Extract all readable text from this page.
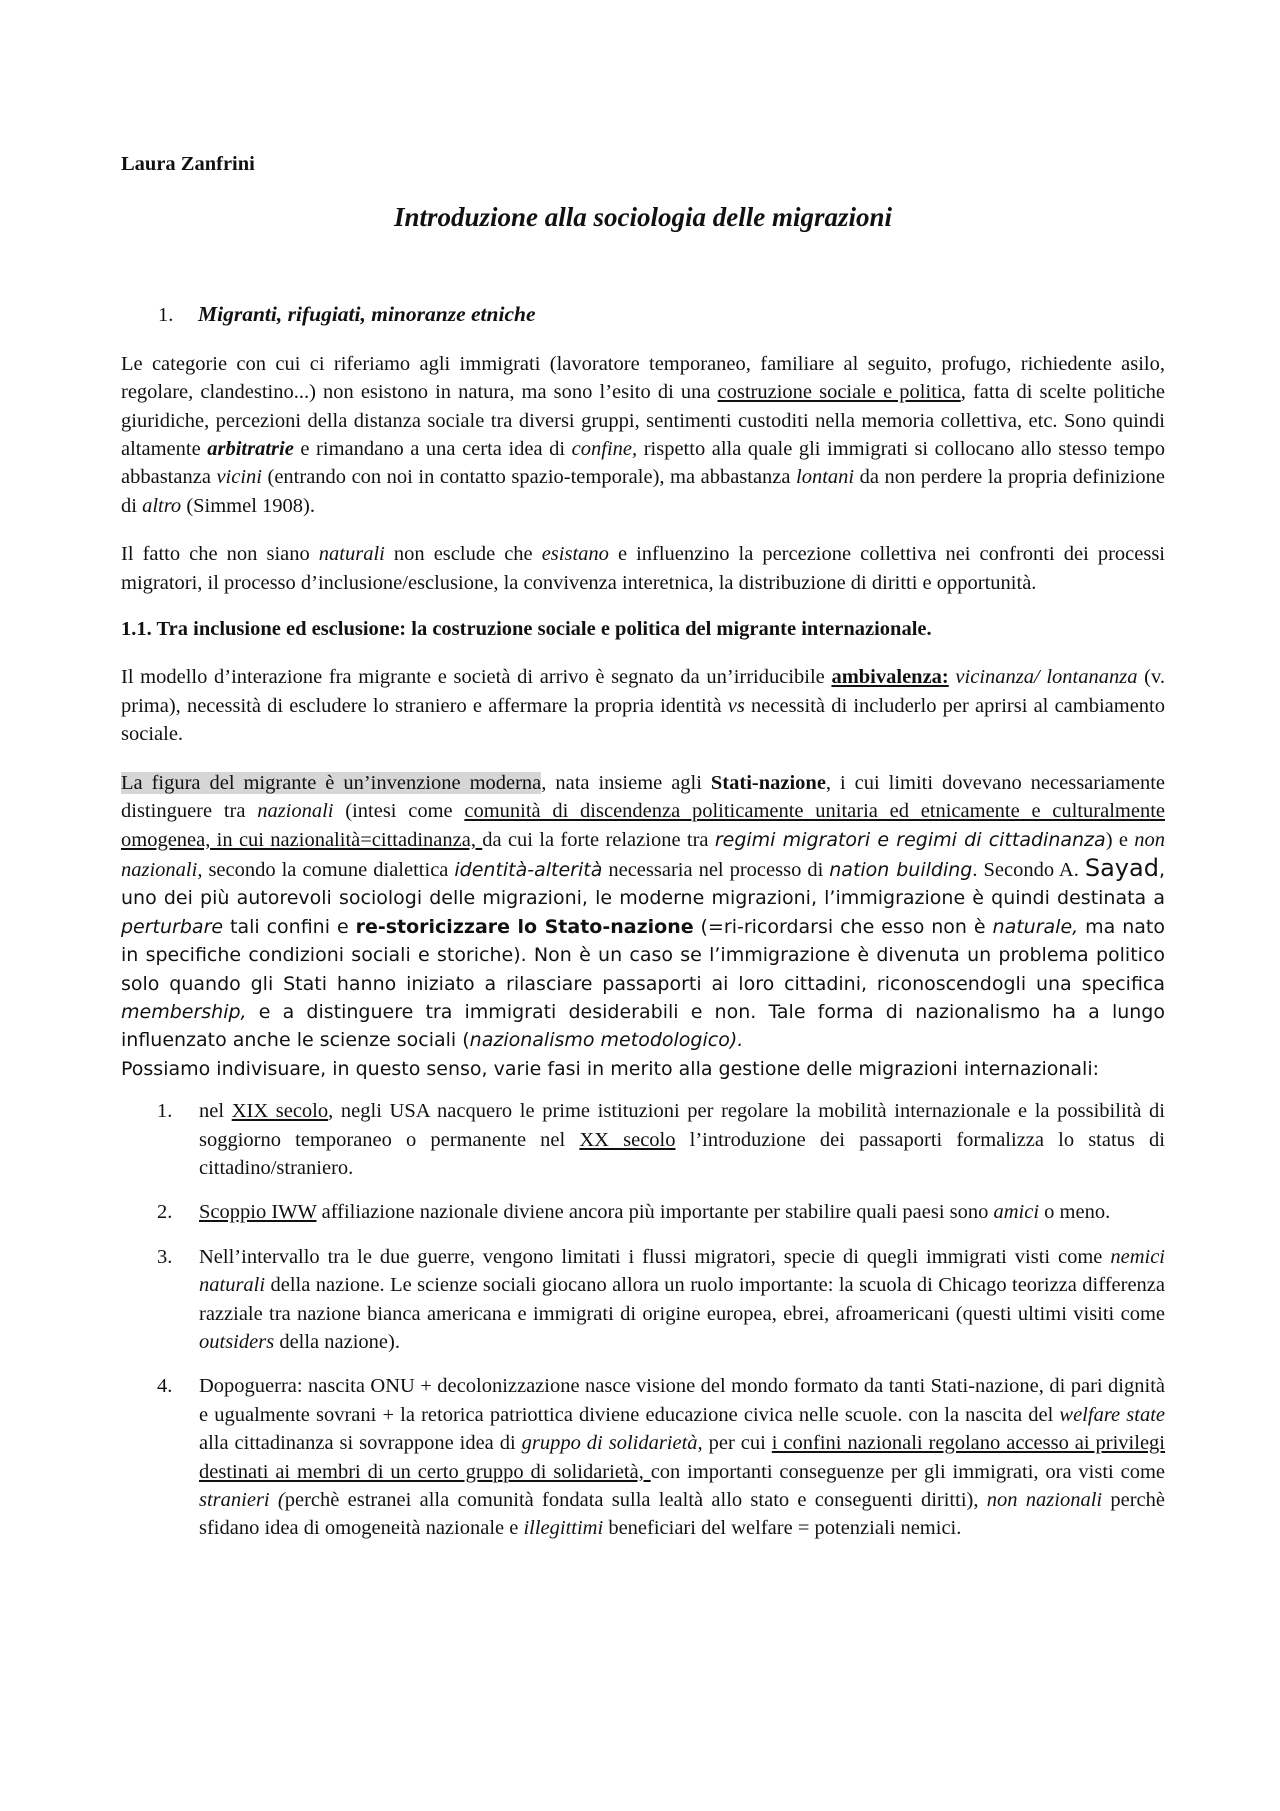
Laura Zanfrini

Introduzione alla sociologia delle migrazioni
1. Migranti, rifugiati, minoranze etniche

Le categorie con cui ci riferiamo agli immigrati (lavoratore temporaneo, familiare al seguito, profugo, richiedente asilo, regolare, clandestino...) non esistono in natura, ma sono l’esito di una costruzione sociale e politica, fatta di scelte politiche giuridiche, percezioni della distanza sociale tra diversi gruppi, sentimenti custoditi nella memoria collettiva, etc. Sono quindi altamente arbitratrie e rimandano a una certa idea di confine, rispetto alla quale gli immigrati si collocano allo stesso tempo abbastanza vicini (entrando con noi in contatto spazio-temporale), ma abbastanza lontani da non perdere la propria definizione di altro (Simmel 1908).

Il fatto che non siano naturali non esclude che esistano e influenzino la percezione collettiva nei confronti dei processi migratori, il processo d’inclusione/esclusione, la convivenza interetnica, la distribuzione di diritti e opportunità.

1.1. Tra inclusione ed esclusione: la costruzione sociale e politica del migrante internazionale.

Il modello d’interazione fra migrante e società di arrivo è segnato da un’irriducibile ambivalenza: vicinanza/ lontananza (v. prima), necessità di escludere lo straniero e affermare la propria identità vs necessità di includerlo per aprirsi al cambiamento sociale.

La figura del migrante è un’invenzione moderna, nata insieme agli Stati-nazione, i cui limiti dovevano necessariamente distinguere tra nazionali (intesi come comunità di discendenza politicamente unitaria ed etnicamente e culturalmente omogenea, in cui nazionalità=cittadinanza, da cui la forte relazione tra regimi migratori e regimi di cittadinanza) e non nazionali, secondo la comune dialettica identità-alterità necessaria nel processo di nation building. Secondo A. Sayad, uno dei più autorevoli sociologi delle migrazioni, le moderne migrazioni, l’immigrazione è quindi destinata a perturbare tali confini e re-storicizzare lo Stato-nazione (=ri-ricordarsi che esso non è naturale, ma nato in specifiche condizioni sociali e storiche). Non è un caso se l’immigrazione è divenuta un problema politico solo quando gli Stati hanno iniziato a rilasciare passaporti ai loro cittadini, riconoscendogli una specifica membership, e a distinguere tra immigrati desiderabili e non. Tale forma di nazionalismo ha a lungo influenzato anche le scienze sociali (nazionalismo metodologico).

Possiamo indivisuare, in questo senso, varie fasi in merito alla gestione delle migrazioni internazionali:

1.	nel XIX secolo, negli USA nacquero le prime istituzioni per regolare la mobilità internazionale e la possibilità di soggiorno temporaneo o permanente nel XX secolo l’introduzione dei passaporti formalizza lo status di cittadino/straniero.
2.	Scoppio IWW affiliazione nazionale diviene ancora più importante per stabilire quali paesi sono amici o meno.
3.	Nell’intervallo tra le due guerre, vengono limitati i flussi migratori, specie di quegli immigrati visti come nemici naturali della nazione. Le scienze sociali giocano allora un ruolo importante: la scuola di Chicago teorizza differenza razziale tra nazione bianca americana e immigrati di origine europea, ebrei, afroamericani (questi ultimi visiti come outsiders della nazione).
4.	Dopoguerra: nascita ONU + decolonizzazione nasce visione del mondo formato da tanti Stati-nazione, di pari dignità e ugualmente sovrani + la retorica patriottica diviene educazione civica nelle scuole. con la nascita del welfare state alla cittadinanza si sovrappone idea di gruppo di solidarietà, per cui i confini nazionali regolano accesso ai privilegi destinati ai membri di un certo gruppo di solidarietà, con importanti conseguenze per gli immigrati, ora visti come stranieri (perchè estranei alla comunità fondata sulla lealtà allo stato e conseguenti diritti), non nazionali perchè sfidano idea di omogeneità nazionale e illegittimi beneficiari del welfare = potenziali nemici.
